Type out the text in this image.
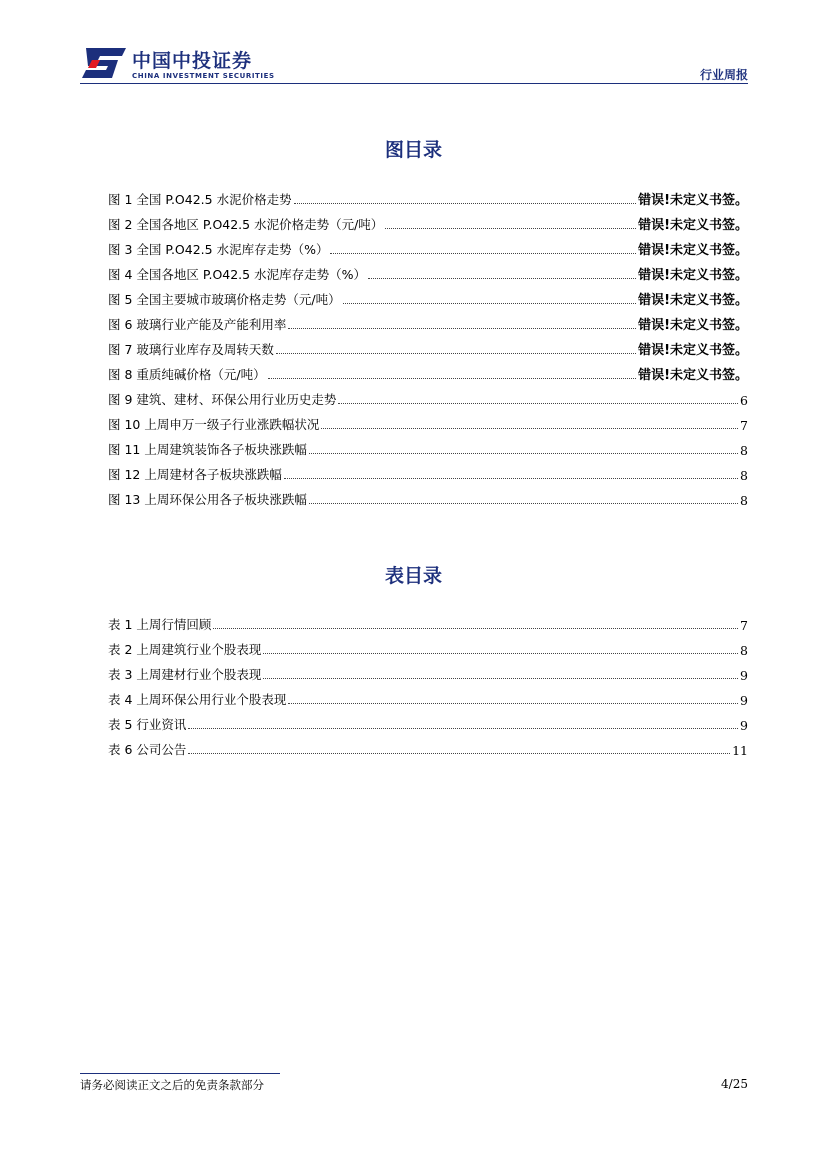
中国中投证券
CHINA INVESTMENT SECURITIES	行业周报
图目录
图 1 全国 P.O42.5 水泥价格走势	错误!未定义书签。
图 2 全国各地区 P.O42.5 水泥价格走势（元/吨）	错误!未定义书签。
图 3 全国 P.O42.5 水泥库存走势（%）	错误!未定义书签。
图 4 全国各地区 P.O42.5 水泥库存走势（%）	错误!未定义书签。
图 5 全国主要城市玻璃价格走势（元/吨）	错误!未定义书签。
图 6 玻璃行业产能及产能利用率	错误!未定义书签。
图 7 玻璃行业库存及周转天数	错误!未定义书签。
图 8 重质纯碱价格（元/吨）	错误!未定义书签。
图 9 建筑、建材、环保公用行业历史走势	6
图 10 上周申万一级子行业涨跌幅状况	7
图 11 上周建筑装饰各子板块涨跌幅	8
图 12 上周建材各子板块涨跌幅	8
图 13 上周环保公用各子板块涨跌幅	8
表目录
表 1 上周行情回顾	7
表 2 上周建筑行业个股表现	8
表 3 上周建材行业个股表现	9
表 4 上周环保公用行业个股表现	9
表 5 行业资讯	9
表 6 公司公告	11
请务必阅读正文之后的免责条款部分	4/25
